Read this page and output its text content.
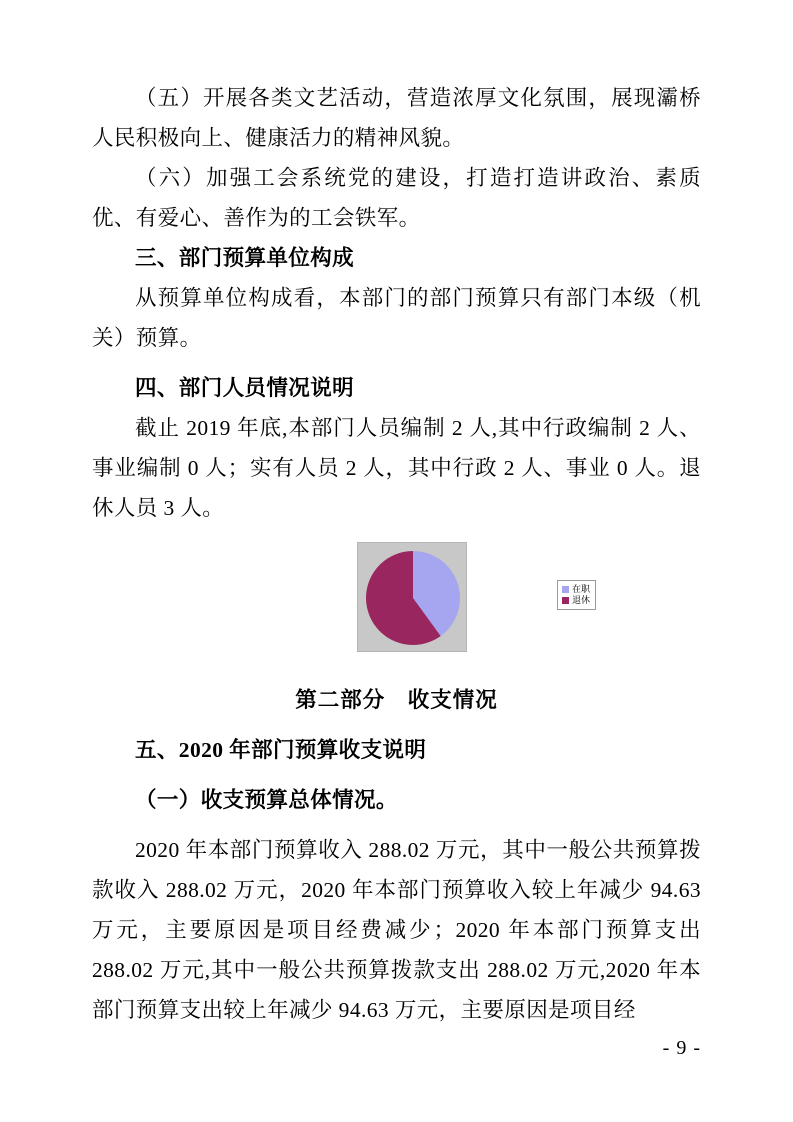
（五）开展各类文艺活动，营造浓厚文化氛围，展现灞桥人民积极向上、健康活力的精神风貌。

（六）加强工会系统党的建设，打造打造讲政治、素质优、有爱心、善作为的工会铁军。

三、部门预算单位构成

从预算单位构成看，本部门的部门预算只有部门本级（机关）预算。

四、部门人员情况说明

截止 2019 年底,本部门人员编制 2 人,其中行政编制 2 人、事业编制 0 人；实有人员 2 人，其中行政 2 人、事业 0 人。退休人员 3 人。

在职
退休

第二部分　收支情况

五、2020 年部门预算收支说明

（一）收支预算总体情况。

2020 年本部门预算收入 288.02 万元，其中一般公共预算拨款收入 288.02 万元，2020 年本部门预算收入较上年减少 94.63 万元，主要原因是项目经费减少；2020 年本部门预算支出 288.02 万元,其中一般公共预算拨款支出 288.02 万元,2020 年本部门预算支出较上年减少 94.63 万元，主要原因是项目经

- 9 -
